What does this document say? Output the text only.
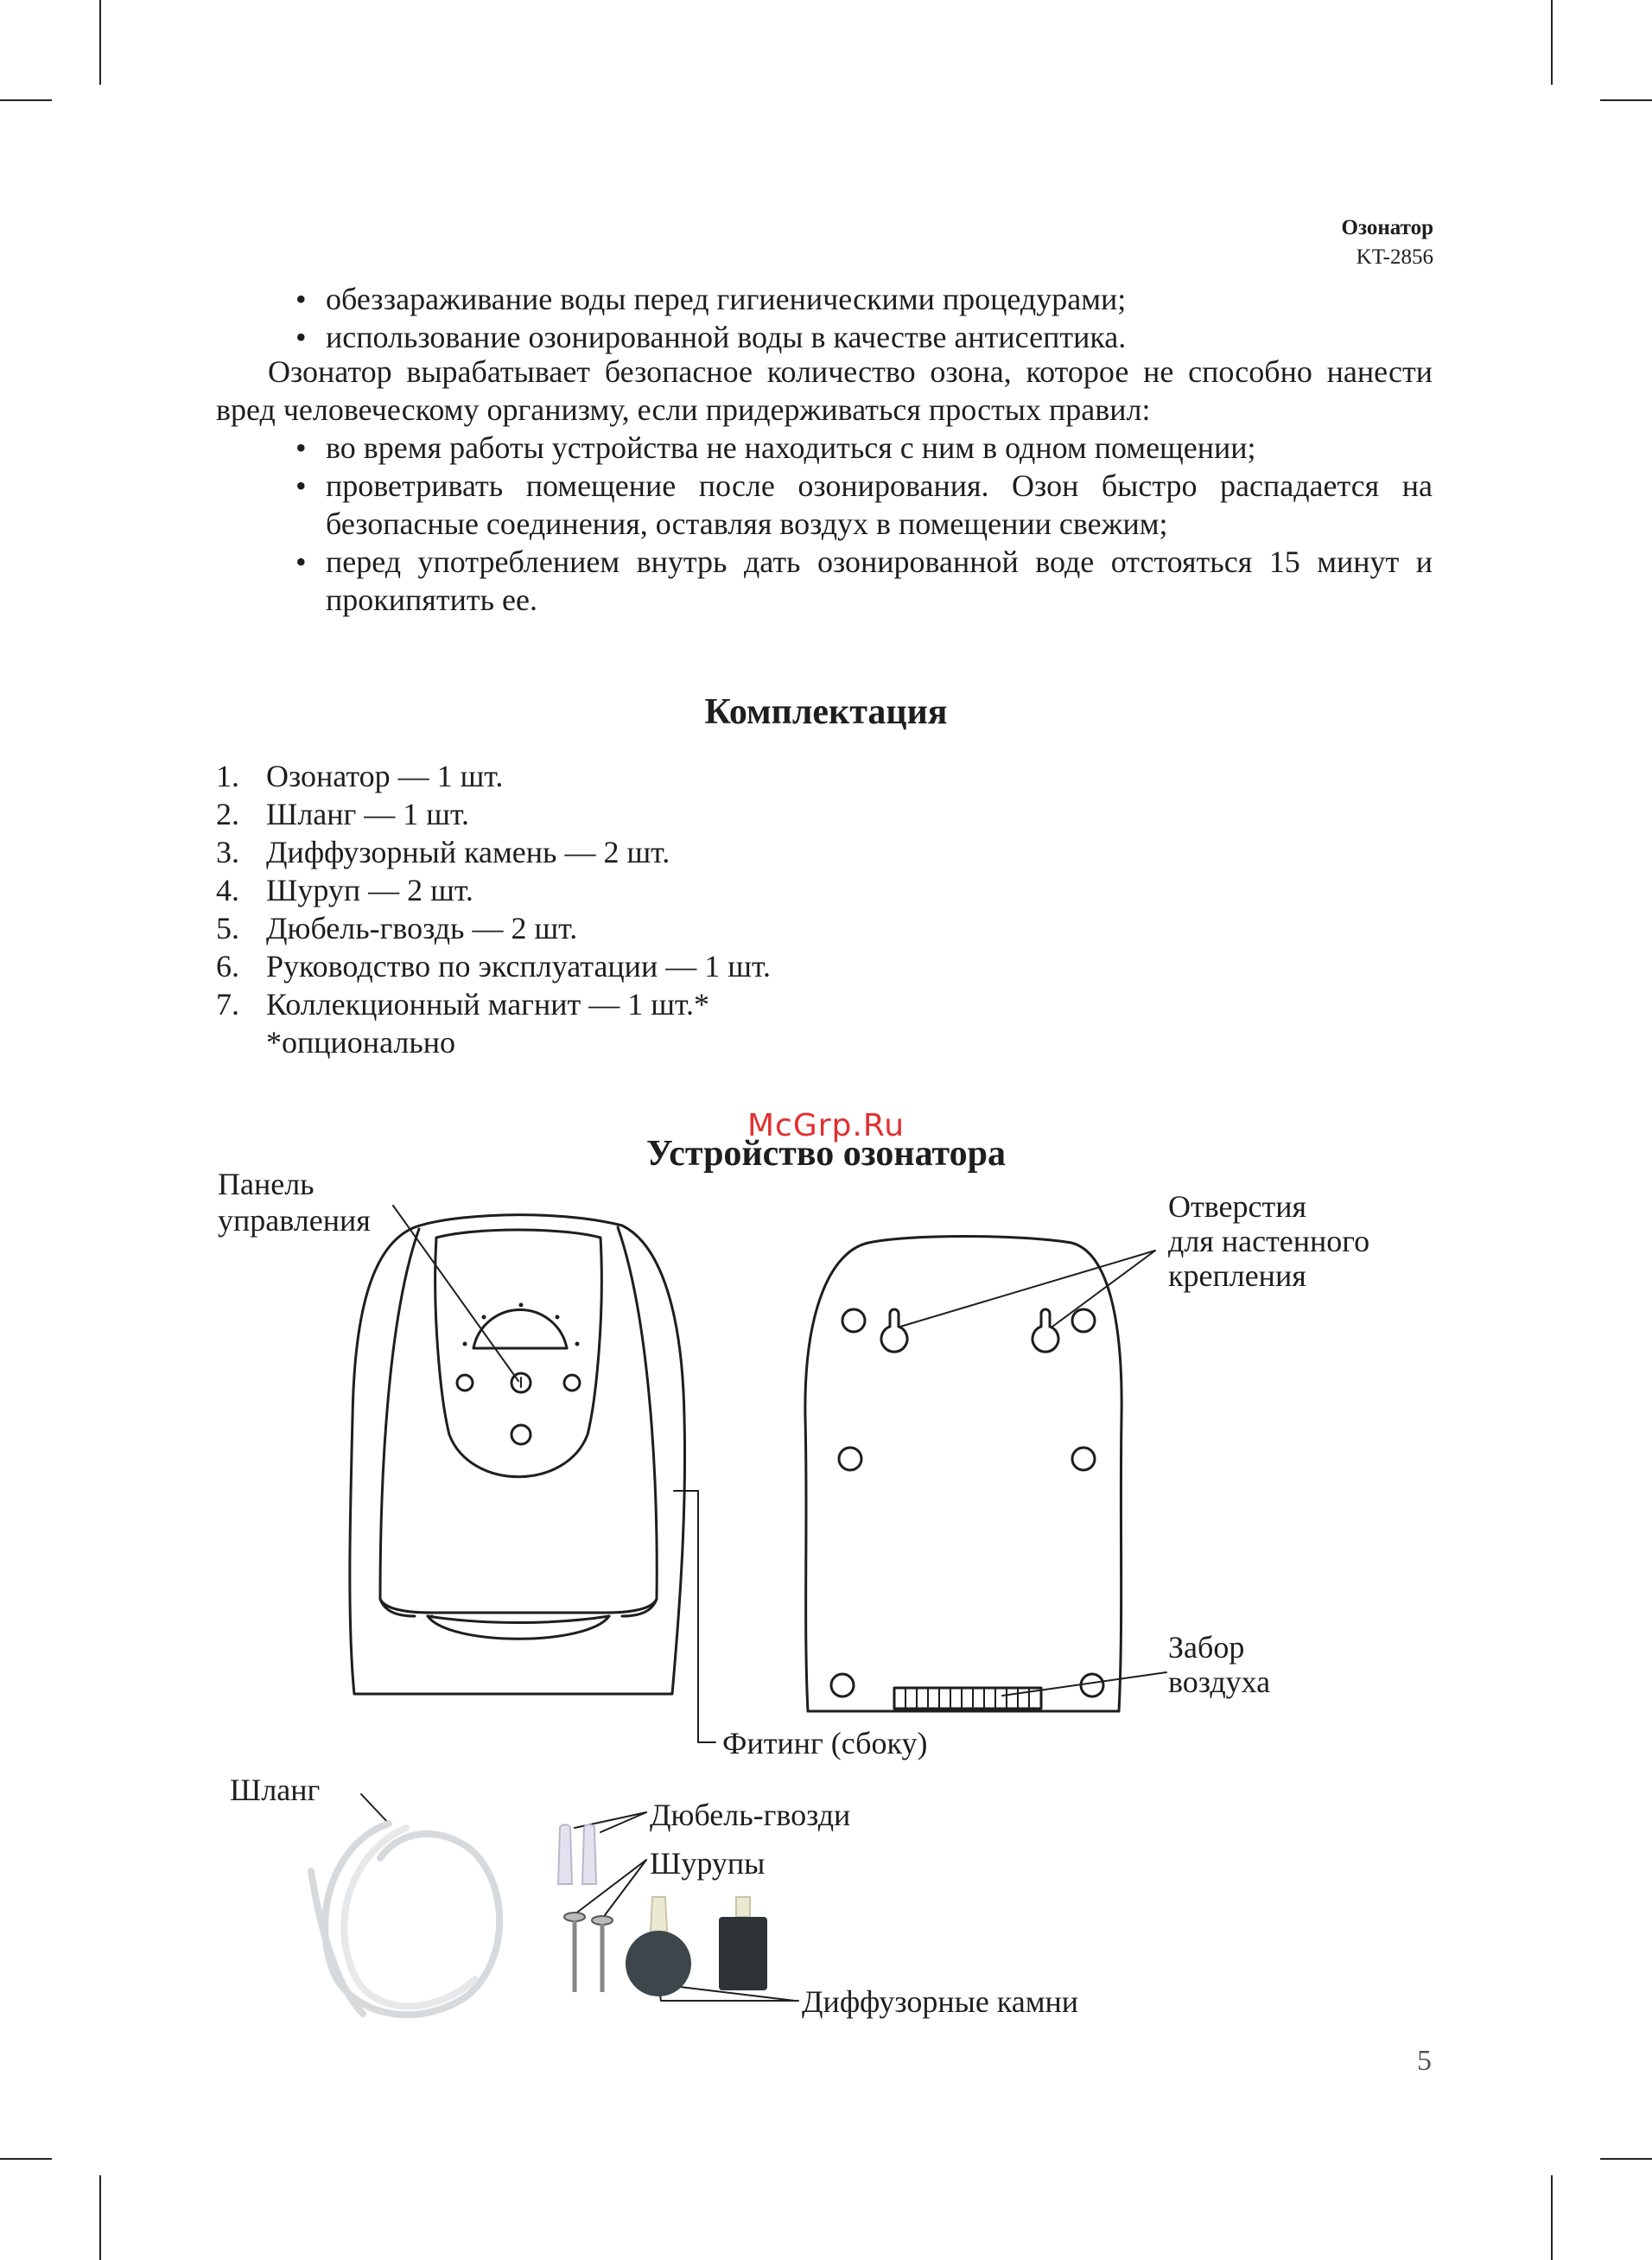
Озонатор
KT-2856
• обеззараживание воды перед гигиеническими процедурами;
• использование озонированной воды в качестве антисептика.
Озонатор вырабатывает безопасное количество озона, которое не способно нанести вред человеческому организму, если придерживаться простых правил:
• во время работы устройства не находиться с ним в одном помещении;
• проветривать помещение после озонирования. Озон быстро распадается на безопасные соединения, оставляя воздух в помещении свежим;
• перед употреблением внутрь дать озонированной воде отстояться 15 минут и прокипятить ее.
Комплектация
1. Озонатор — 1 шт.
2. Шланг — 1 шт.
3. Диффузорный камень — 2 шт.
4. Шуруп — 2 шт.
5. Дюбель-гвоздь — 2 шт.
6. Руководство по эксплуатации — 1 шт.
7. Коллекционный магнит — 1 шт.*
*опционально
Устройство озонатора
McGrp.Ru
Панель
управления	Отверстия
для настенного
крепления
Забор
воздуха
Фитинг (сбоку)
Шланг
Дюбель-гвозди
Шурупы
Диффузорные камни
5
